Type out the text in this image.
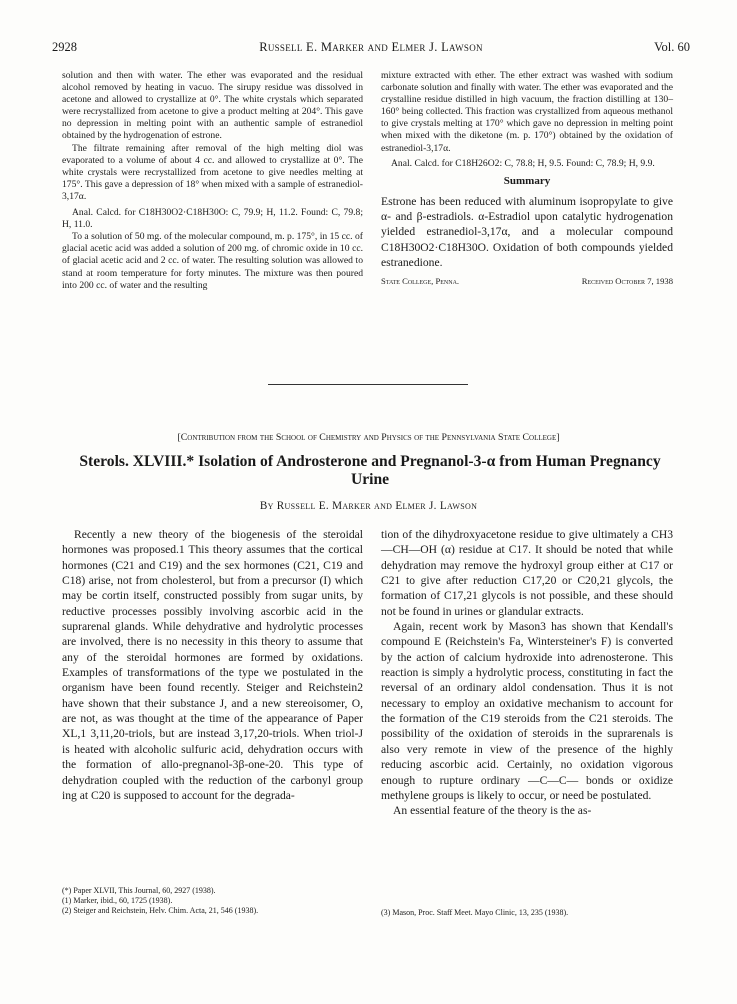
2928	Russell E. Marker and Elmer J. Lawson	Vol. 60

solution and then with water. The ether was evaporated and the residual alcohol removed by heating in vacuo. The sirupy residue was dissolved in acetone and allowed to crystallize at 0°. The white crystals which separated were recrystallized from acetone to give a product melting at 204°. This gave no depression in melting point with an authentic sample of estranediol obtained by the hydrogenation of estrone.

The filtrate remaining after removal of the high melting diol was evaporated to a volume of about 4 cc. and allowed to crystallize at 0°. The white crystals were recrystallized from acetone to give needles melting at 175°. This gave a depression of 18° when mixed with a sample of estranediol-3,17α.

Anal. Calcd. for C18H30O2·C18H30O: C, 79.9; H, 11.2. Found: C, 79.8; H, 11.0.

To a solution of 50 mg. of the molecular compound, m. p. 175°, in 15 cc. of glacial acetic acid was added a solution of 200 mg. of chromic oxide in 10 cc. of glacial acetic acid and 2 cc. of water. The resulting solution was allowed to stand at room temperature for forty minutes. The mixture was then poured into 200 cc. of water and the resulting

mixture extracted with ether. The ether extract was washed with sodium carbonate solution and finally with water. The ether was evaporated and the crystalline residue distilled in high vacuum, the fraction distilling at 130–160° being collected. This fraction was crystallized from aqueous methanol to give crystals melting at 170° which gave no depression in melting point when mixed with the diketone (m. p. 170°) obtained by the oxidation of estranediol-3,17α.

Anal. Calcd. for C18H26O2: C, 78.8; H, 9.5. Found: C, 78.9; H, 9.9.

Summary

Estrone has been reduced with aluminum isopropylate to give α- and β-estradiols. α-Estradiol upon catalytic hydrogenation yielded estranediol-3,17α, and a molecular compound C18H30O2·C18H30O. Oxidation of both compounds yielded estranedione.

State College, Penna.	Received October 7, 1938
[Contribution from the School of Chemistry and Physics of the Pennsylvania State College]
Sterols. XLVIII.* Isolation of Androsterone and Pregnanol-3-α from Human Pregnancy Urine
By Russell E. Marker and Elmer J. Lawson

Recently a new theory of the biogenesis of the steroidal hormones was proposed.1 This theory assumes that the cortical hormones (C21 and C19) and the sex hormones (C21, C19 and C18) arise, not from cholesterol, but from a precursor (I) which may be cortin itself, constructed possibly from sugar units, by reductive processes possibly involving ascorbic acid in the suprarenal glands. While dehydrative and hydrolytic processes are involved, there is no necessity in this theory to assume that any of the steroidal hormones are formed by oxidations. Examples of transformations of the type we postulated in the organism have been found recently. Steiger and Reichstein2 have shown that their substance J, and a new stereoisomer, O, are not, as was thought at the time of the appearance of Paper XL,1 3,11,20-triols, but are instead 3,17,20-triols. When triol-J is heated with alcoholic sulfuric acid, dehydration occurs with the formation of allo-pregnanol-3β-one-20. This type of dehydration coupled with the reduction of the carbonyl group ing at C20 is supposed to account for the degrada-

(*) Paper XLVII, This Journal, 60, 2927 (1938).

(1) Marker, ibid., 60, 1725 (1938).

(2) Steiger and Reichstein, Helv. Chim. Acta, 21, 546 (1938).

tion of the dihydroxyacetone residue to give ultimately a CH3—CH—OH (α) residue at C17. It should be noted that while dehydration may remove the hydroxyl group either at C17 or C21 to give after reduction C17,20 or C20,21 glycols, the formation of C17,21 glycols is not possible, and these should not be found in urines or glandular extracts.

Again, recent work by Mason3 has shown that Kendall's compound E (Reichstein's Fa, Wintersteiner's F) is converted by the action of calcium hydroxide into adrenosterone. This reaction is simply a hydrolytic process, constituting in fact the reversal of an ordinary aldol condensation. Thus it is not necessary to employ an oxidative mechanism to account for the formation of the C19 steroids from the C21 steroids. The possibility of the oxidation of steroids in the suprarenals is also very remote in view of the presence of the highly reducing ascorbic acid. Certainly, no oxidation vigorous enough to rupture ordinary —C—C— bonds or oxidize methylene groups is likely to occur, or need be postulated.

An essential feature of the theory is the as-

(3) Mason, Proc. Staff Meet. Mayo Clinic, 13, 235 (1938).
